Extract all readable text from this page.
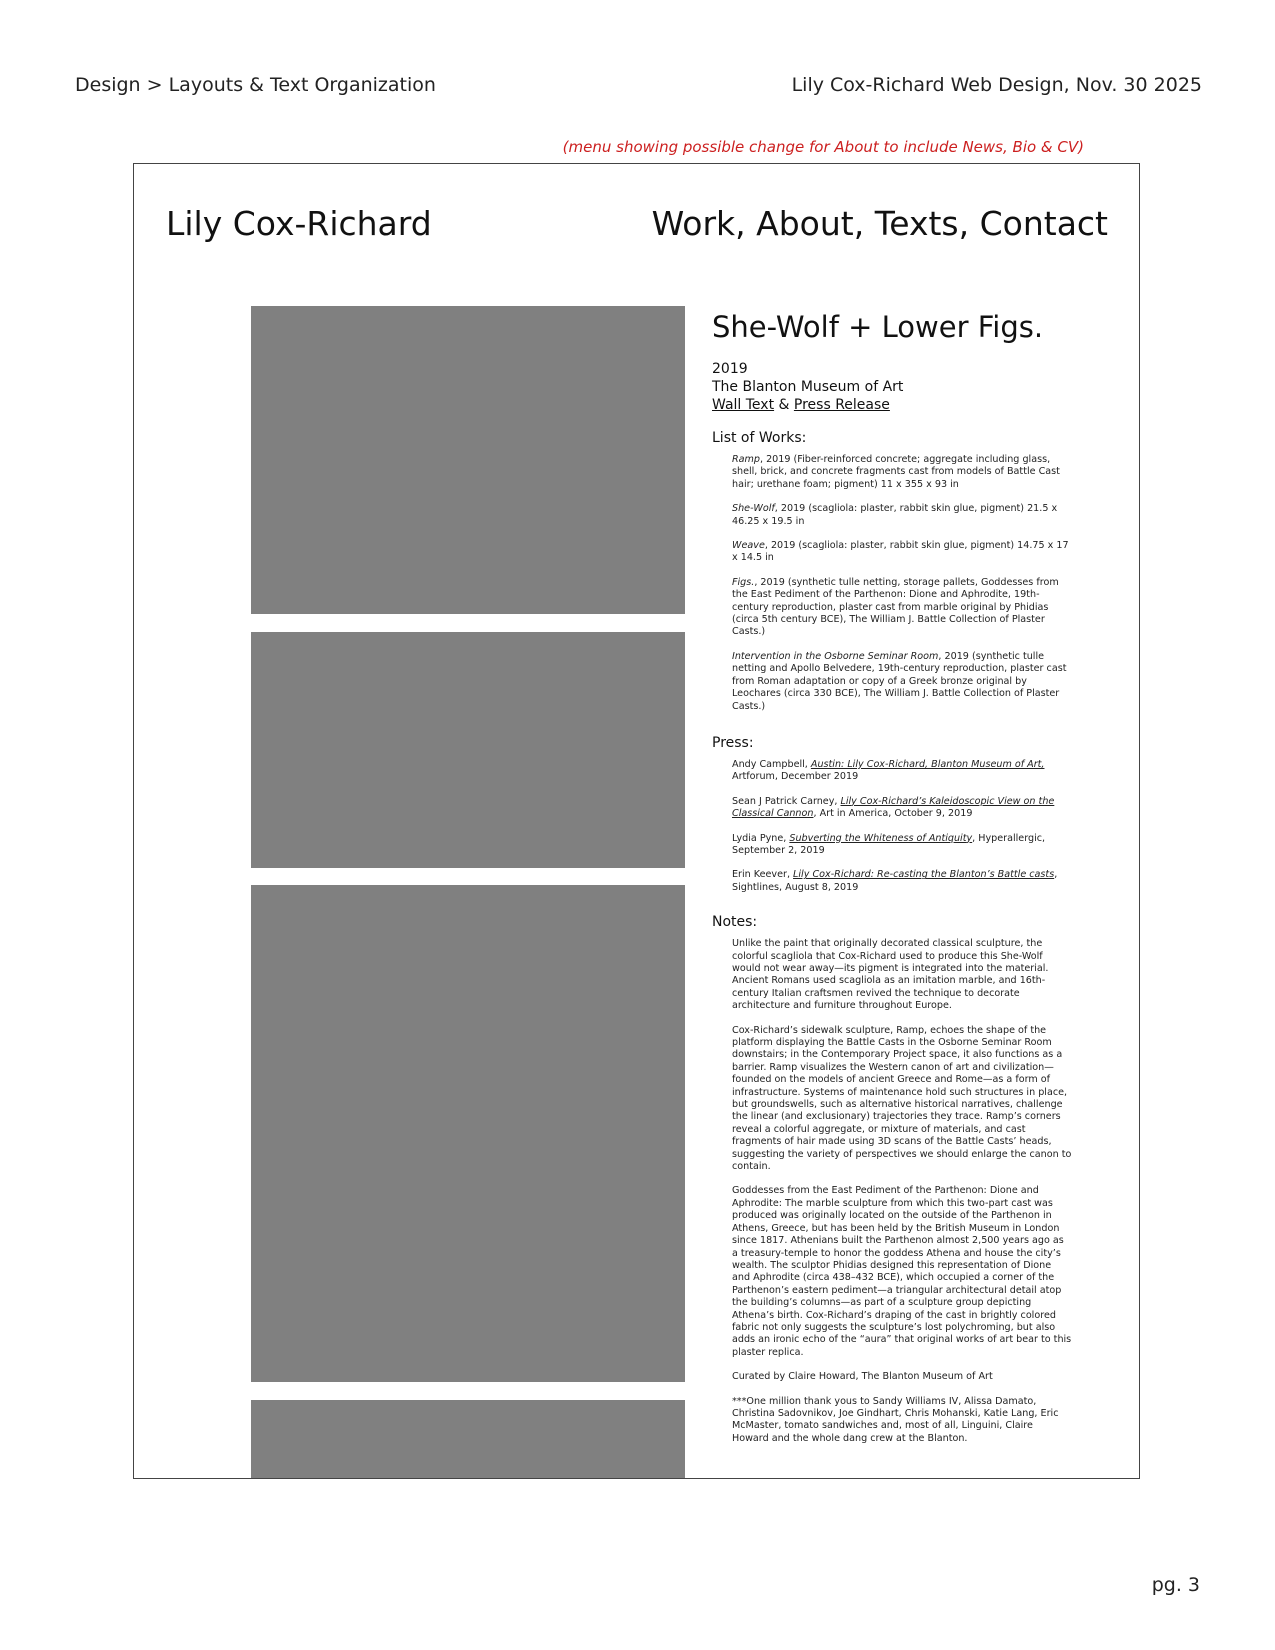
Design > Layouts & Text Organization	Lily Cox-Richard Web Design, Nov. 30 2025
(menu showing possible change for About to include News, Bio & CV)
Lily Cox-Richard	Work, About, Texts, Contact
She-Wolf + Lower Figs.
2019
The Blanton Museum of Art
Wall Text & Press Release
List of Works:

Ramp, 2019 (Fiber-reinforced concrete; aggregate including glass, shell, brick, and concrete fragments cast from models of Battle Cast hair; urethane foam; pigment) 11 x 355 x 93 in

She-Wolf, 2019 (scagliola: plaster, rabbit skin glue, pigment) 21.5 x 46.25 x 19.5 in

Weave, 2019 (scagliola: plaster, rabbit skin glue, pigment) 14.75 x 17 x 14.5 in

Figs., 2019 (synthetic tulle netting, storage pallets, Goddesses from the East Pediment of the Parthenon: Dione and Aphrodite, 19th-century reproduction, plaster cast from marble original by Phidias (circa 5th century BCE), The William J. Battle Collection of Plaster Casts.)

Intervention in the Osborne Seminar Room, 2019 (synthetic tulle netting and Apollo Belvedere, 19th-century reproduction, plaster cast from Roman adaptation or copy of a Greek bronze original by Leochares (circa 330 BCE), The William J. Battle Collection of Plaster Casts.)

Press:

Andy Campbell, Austin: Lily Cox-Richard, Blanton Museum of Art, Artforum, December 2019

Sean J Patrick Carney, Lily Cox-Richard’s Kaleidoscopic View on the Classical Cannon, Art in America, October 9, 2019

Lydia Pyne, Subverting the Whiteness of Antiquity, Hyperallergic, September 2, 2019

Erin Keever, Lily Cox-Richard: Re-casting the Blanton’s Battle casts, Sightlines, August 8, 2019

Notes:

Unlike the paint that originally decorated classical sculpture, the colorful scagliola that Cox-Richard used to produce this She-Wolf would not wear away—its pigment is integrated into the material. Ancient Romans used scagliola as an imitation marble, and 16th-century Italian craftsmen revived the technique to decorate architecture and furniture throughout Europe.

Cox-Richard’s sidewalk sculpture, Ramp, echoes the shape of the platform displaying the Battle Casts in the Osborne Seminar Room downstairs; in the Contemporary Project space, it also functions as a barrier. Ramp visualizes the Western canon of art and civilization—founded on the models of ancient Greece and Rome—as a form of infrastructure. Systems of maintenance hold such structures in place, but groundswells, such as alternative historical narratives, challenge the linear (and exclusionary) trajectories they trace. Ramp’s corners reveal a colorful aggregate, or mixture of materials, and cast fragments of hair made using 3D scans of the Battle Casts’ heads, suggesting the variety of perspectives we should enlarge the canon to contain.

Goddesses from the East Pediment of the Parthenon: Dione and Aphrodite: The marble sculpture from which this two-part cast was produced was originally located on the outside of the Parthenon in Athens, Greece, but has been held by the British Museum in London since 1817. Athenians built the Parthenon almost 2,500 years ago as a treasury-temple to honor the goddess Athena and house the city’s wealth. The sculptor Phidias designed this representation of Dione and Aphrodite (circa 438–432 BCE), which occupied a corner of the Parthenon’s eastern pediment—a triangular architectural detail atop the building’s columns—as part of a sculpture group depicting Athena’s birth. Cox-Richard’s draping of the cast in brightly colored fabric not only suggests the sculpture’s lost polychroming, but also adds an ironic echo of the “aura” that original works of art bear to this plaster replica.

Curated by Claire Howard, The Blanton Museum of Art

***One million thank yous to Sandy Williams IV, Alissa Damato, Christina Sadovnikov, Joe Gindhart, Chris Mohanski, Katie Lang, Eric McMaster, tomato sandwiches and, most of all, Linguini, Claire Howard and the whole dang crew at the Blanton.

pg. 3
